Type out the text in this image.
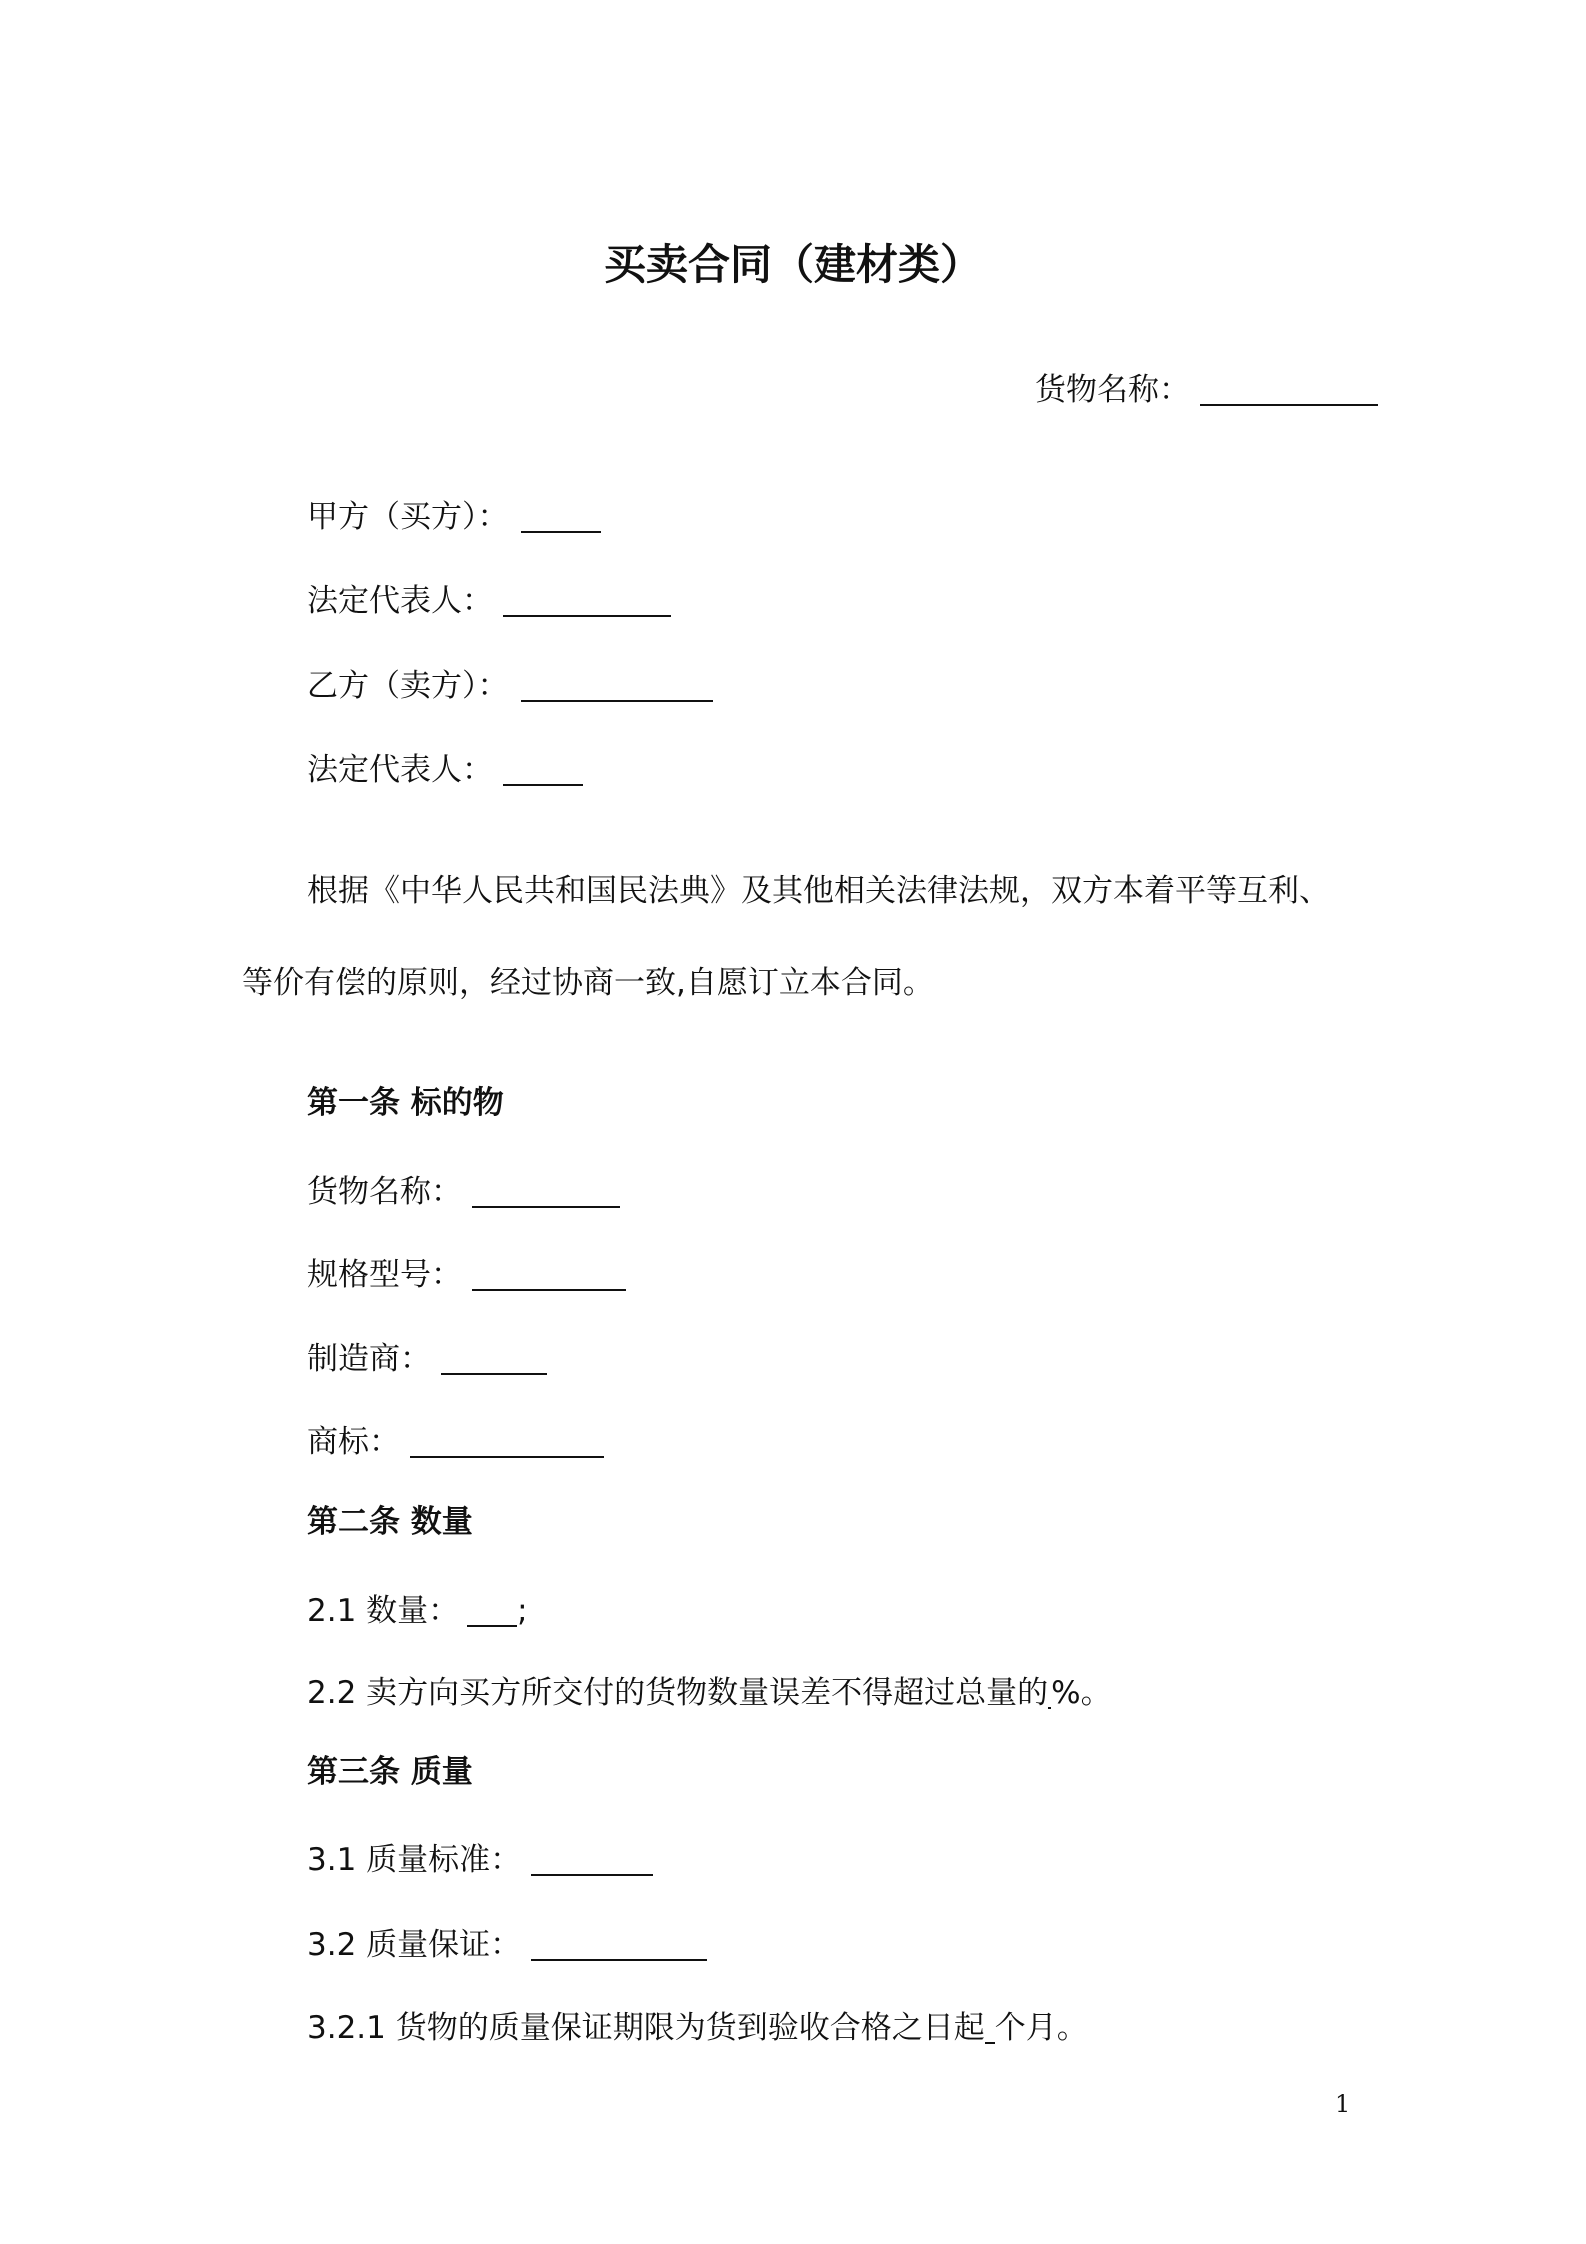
买卖合同（建材类）
货物名称：
甲方（买方）：
法定代表人：
乙方（卖方）：
法定代表人：
根据《中华人民共和国民法典》及其他相关法律法规，双方本着平等互利、
等价有偿的原则，经过协商一致,自愿订立本合同。
第一条 标的物
货物名称：
规格型号：
制造商：
商标：
第二条 数量
2.1 数量： ;
2.2 卖方向买方所交付的货物数量误差不得超过总量的%。
第三条 质量
3.1 质量标准：
3.2 质量保证：
3.2.1 货物的质量保证期限为货到验收合格之日起 个月。
1
